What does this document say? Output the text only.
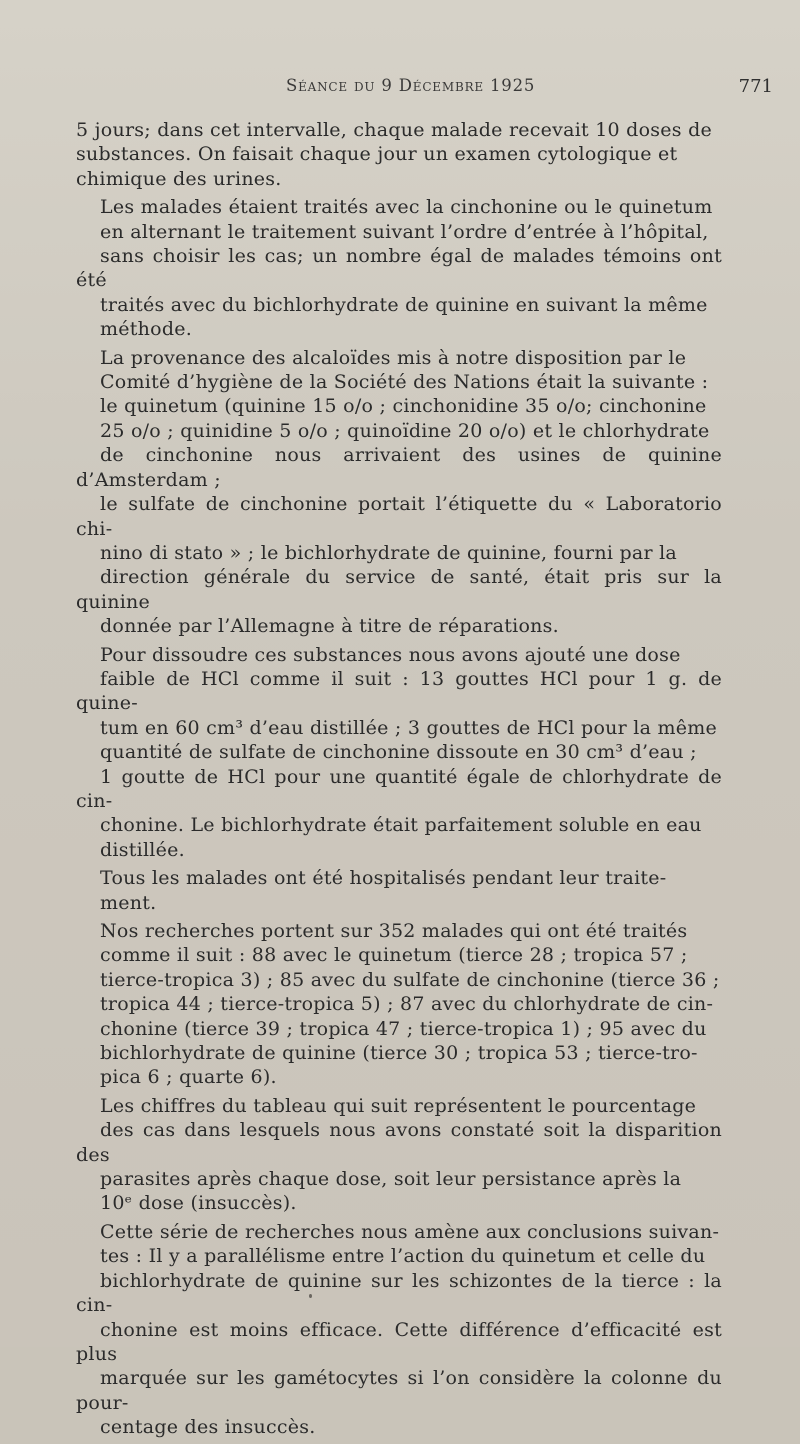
Séance du 9 Décembre 1925	771

5 jours; dans cet intervalle, chaque malade recevait 10 doses de
substances. On faisait chaque jour un examen cytologique et
chimique des urines.

Les malades étaient traités avec la cinchonine ou le quinetum
en alternant le traitement suivant l’ordre d’entrée à l’hôpital,
sans choisir les cas; un nombre égal de malades témoins ont été
traités avec du bichlorhydrate de quinine en suivant la même
méthode.

La provenance des alcaloïdes mis à notre disposition par le
Comité d’hygiène de la Société des Nations était la suivante :
le quinetum (quinine 15 o/o ; cinchonidine 35 o/o; cinchonine
25 o/o ; quinidine 5 o/o ; quinoïdine 20 o/o) et le chlorhydrate
de cinchonine nous arrivaient des usines de quinine d’Amsterdam ;
le sulfate de cinchonine portait l’étiquette du « Laboratorio chi-
nino di stato » ; le bichlorhydrate de quinine, fourni par la
direction générale du service de santé, était pris sur la quinine
donnée par l’Allemagne à titre de réparations.

Pour dissoudre ces substances nous avons ajouté une dose
faible de HCl comme il suit : 13 gouttes HCl pour 1 g. de quine-
tum en 60 cm³ d’eau distillée ; 3 gouttes de HCl pour la même
quantité de sulfate de cinchonine dissoute en 30 cm³ d’eau ;
1 goutte de HCl pour une quantité égale de chlorhydrate de cin-
chonine. Le bichlorhydrate était parfaitement soluble en eau
distillée.

Tous les malades ont été hospitalisés pendant leur traite-
ment.

Nos recherches portent sur 352 malades qui ont été traités
comme il suit : 88 avec le quinetum (tierce 28 ; tropica 57 ;
tierce-tropica 3) ; 85 avec du sulfate de cinchonine (tierce 36 ;
tropica 44 ; tierce-tropica 5) ; 87 avec du chlorhydrate de cin-
chonine (tierce 39 ; tropica 47 ; tierce-tropica 1) ; 95 avec du
bichlorhydrate de quinine (tierce 30 ; tropica 53 ; tierce-tro-
pica 6 ; quarte 6).

Les chiffres du tableau qui suit représentent le pourcentage
des cas dans lesquels nous avons constaté soit la disparition des
parasites après chaque dose, soit leur persistance après la
10ᵉ dose (insuccès).

Cette série de recherches nous amène aux conclusions suivan-
tes : Il y a parallélisme entre l’action du quinetum et celle du
bichlorhydrate de quinine sur les schizontes de la tierce : la cin-
chonine est moins efficace. Cette différence d’efficacité est plus
marquée sur les gamétocytes si l’on considère la colonne du pour-
centage des insuccès.
